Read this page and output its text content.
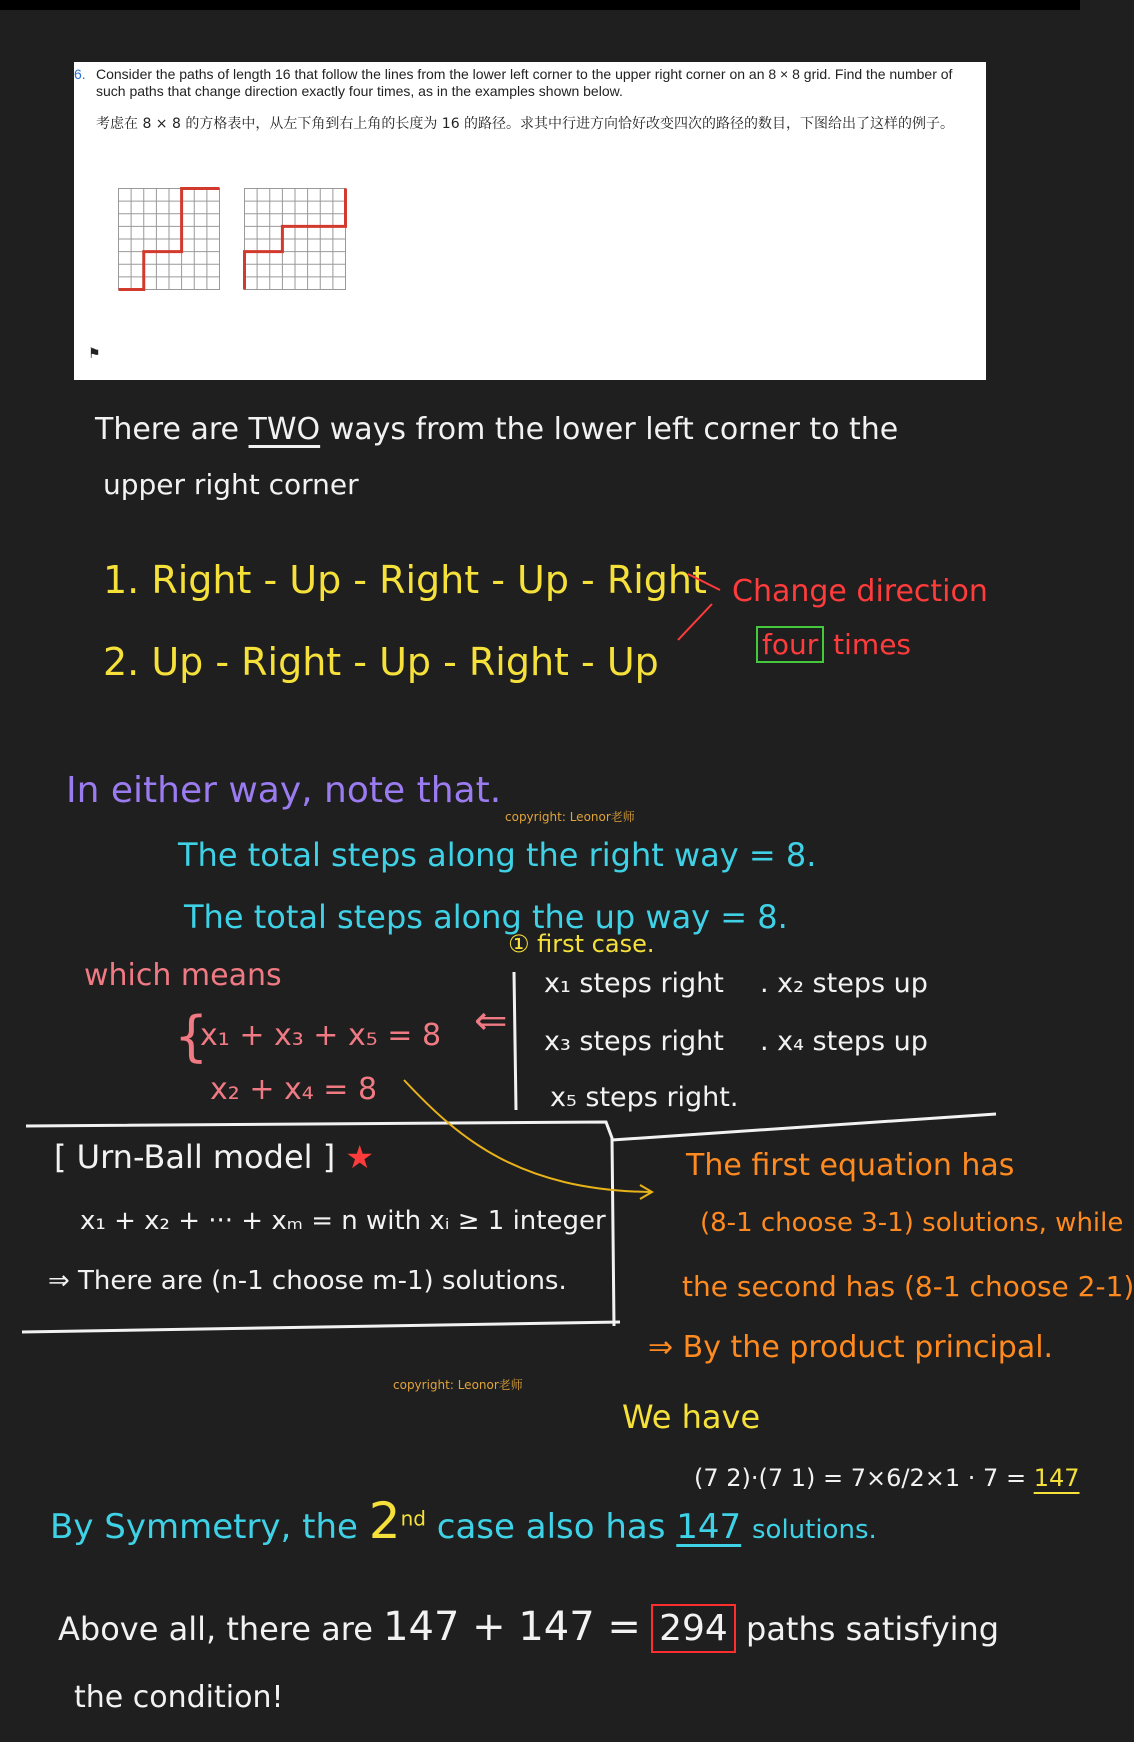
6. Consider the paths of length 16 that follow the lines from the lower left corner to the upper right corner on an 8 × 8 grid. Find the number of such paths that change direction exactly four times, as in the examples shown below.
考虑在 8 × 8 的方格表中，从左下角到右上角的长度为 16 的路径。求其中行进方向恰好改变四次的路径的数目，下图给出了这样的例子。
⚑
There are TWO ways from the lower left corner to the
upper right corner
1. Right - Up - Right - Up - Right
2. Up - Right - Up - Right - Up
Change direction
four times
In either way, note that.
copyright: Leonor老师
The total steps along the right way = 8.
The total steps along the up way = 8.
which means
{
x₁ + x₃ + x₅ = 8
x₂ + x₄ = 8
⇐
① first case.
x₁ steps right . x₂ steps up
x₃ steps right . x₄ steps up
x₅ steps right.
[ Urn-Ball model ] ★
x₁ + x₂ + ··· + xₘ = n with xᵢ ≥ 1 integer
⇒ There are (n-1 choose m-1) solutions.
The first equation has
(8-1 choose 3-1) solutions, while
the second has (8-1 choose 2-1)
⇒ By the product principal.
copyright: Leonor老师
We have
(7 2)·(7 1) = 7×6/2×1 · 7 = 147
By Symmetry, the 2nd case also has 147 solutions.
Above all, there are 147 + 147 = 294 paths satisfying
the condition!
